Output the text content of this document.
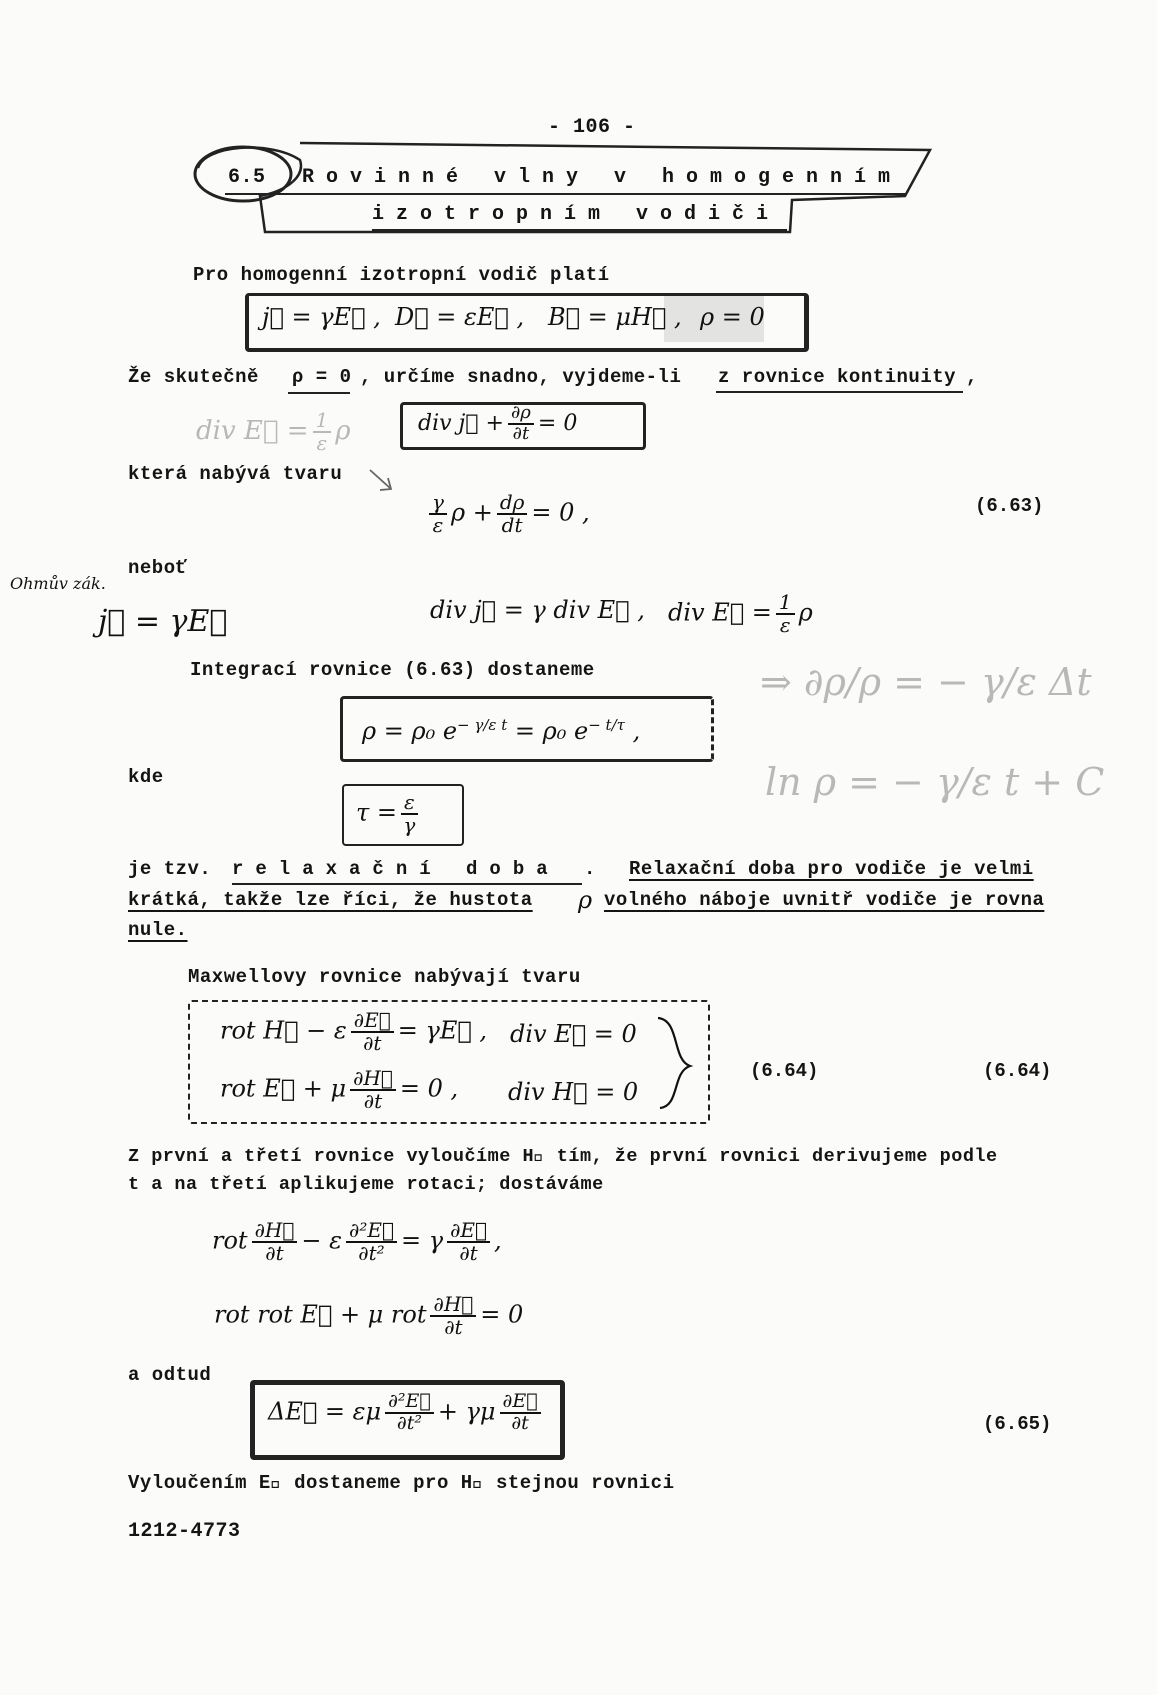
- 106 -
6.5 Rovinné vlny v homogenním
izotropním vodiči
Pro homogenní izotropní vodič platí
j⃗ = γE⃗ , D⃗ = εE⃗ , B⃗ = μH⃗ , ρ = 0
Že skutečně ρ = 0 , určíme snadno, vyjdeme-li z rovnice kontinuity ,
div j⃗ + $\frac{\partial\rho}{\partial t} = 0$
div E⃗ = $\frac{1}{\varepsilon}$ ρ
která nabývá tvaru
$\frac{\gamma}{\varepsilon}$ $\rho + \frac{d\rho}{dt} = 0$ ,	(6.63)
neboť
Ohmův zák.
j⃗ = γE⃗	div j⃗ = γ div E⃗ , div E⃗ = $\frac{1}{\varepsilon}$ ρ
Integrací rovnice (6.63) dostaneme
ρ = ρ₀ $e^{- \gamma/\varepsilon t} = \rho_0$ $e^{- t/\tau}$ ,
kde
$\tau = \frac{\varepsilon}{\gamma}$
⇒ ∂ρ/ρ = − γ/ε Δt
ln ρ = − γ/ε t + C
je tzv. relaxační doba . Relaxační doba pro vodiče je velmi
krátká, takže lze říci, že hustota ρ volného náboje uvnitř vodiče je rovna
nule.
Maxwellovy rovnice nabývají tvaru
rot H⃗ − ε $\frac{\partial E⃗}{\partial t}$ = γE⃗ , div E⃗ = 0
rot E⃗ + μ $\frac{\partial H⃗}{\partial t} = 0$ , div H⃗ = 0
(6.64)	(6.64)
Z první a třetí rovnice vyloučíme H⃗ tím, že první rovnici derivujeme podle
t a na třetí aplikujeme rotaci; dostáváme
rot $\frac{\partial H⃗}{\partial t} - \varepsilon \frac{\text{∂²E⃗}}{\text{∂t²}} = \gamma \frac{\partial E⃗}{\partial t}$ ,
rot rot E⃗ + μ rot $\frac{\partial H⃗}{\partial t} = 0$
a odtud
ΔE⃗ = εμ $\frac{\text{∂²E⃗}}{\text{∂t²}} + \gamma\mu \frac{\partial E⃗}{\partial t}$	(6.65)
Vyloučením E⃗ dostaneme pro H⃗ stejnou rovnici
1212-4773
